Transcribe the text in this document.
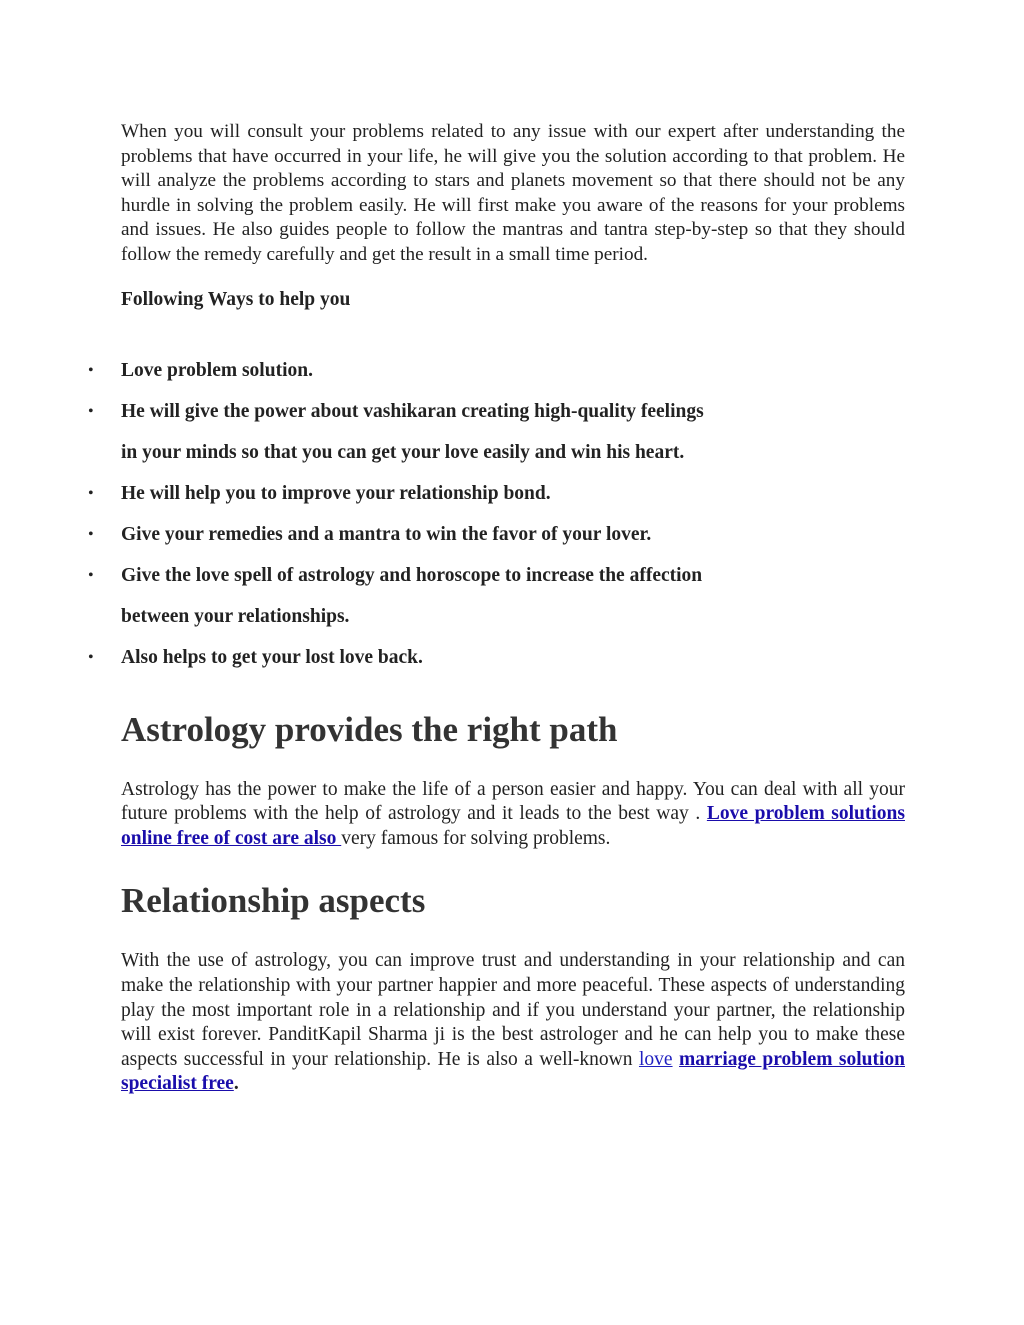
When you will consult your problems related to any issue with our expert after understanding the problems that have occurred in your life, he will give you the solution according to that problem. He will analyze the problems according to stars and planets movement so that there should not be any hurdle in solving the problem easily. He will first make you aware of the reasons for your problems and issues. He also guides people to follow the mantras and tantra step-by-step so that they should follow the remedy carefully and get the result in a small time period.

Following Ways to help you

• Love problem solution.
• He will give the power about vashikaran creating high-quality feelings
in your minds so that you can get your love easily and win his heart.
• He will help you to improve your relationship bond.
• Give your remedies and a mantra to win the favor of your lover.
• Give the love spell of astrology and horoscope to increase the affection
between your relationships.
• Also helps to get your lost love back.
Astrology provides the right path

Astrology has the power to make the life of a person easier and happy. You can deal with all your future problems with the help of astrology and it leads to the best way . Love problem solutions online free of cost are also very famous for solving problems.

Relationship aspects

With the use of astrology, you can improve trust and understanding in your relationship and can make the relationship with your partner happier and more peaceful. These aspects of understanding play the most important role in a relationship and if you understand your partner, the relationship will exist forever. PanditKapil Sharma ji is the best astrologer and he can help you to make these aspects successful in your relationship. He is also a well-known love marriage problem solution specialist free.
